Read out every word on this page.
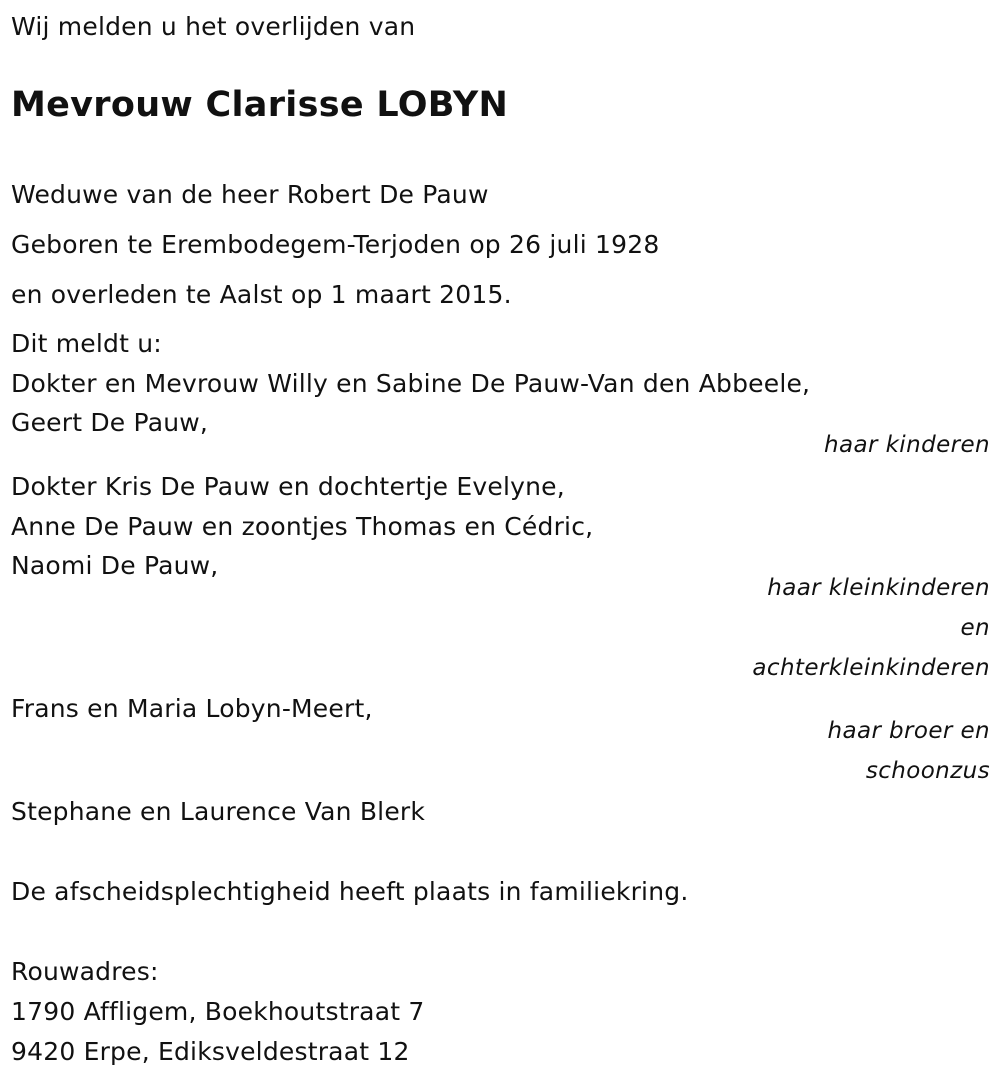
Wij melden u het overlijden van
Mevrouw Clarisse LOBYN
Weduwe van de heer Robert De Pauw
Geboren te Erembodegem-Terjoden op 26 juli 1928
en overleden te Aalst op 1 maart 2015.
Dit meldt u:
Dokter en Mevrouw Willy en Sabine De Pauw-Van den Abbeele,
Geert De Pauw,
haar kinderen
Dokter Kris De Pauw en dochtertje Evelyne,
Anne De Pauw en zoontjes Thomas en Cédric,
Naomi De Pauw,
haar kleinkinderen
en
achterkleinkinderen
Frans en Maria Lobyn-Meert,
haar broer en
schoonzus
Stephane en Laurence Van Blerk
De afscheidsplechtigheid heeft plaats in familiekring.
Rouwadres:
1790 Affligem, Boekhoutstraat 7
9420 Erpe, Ediksveldestraat 12
